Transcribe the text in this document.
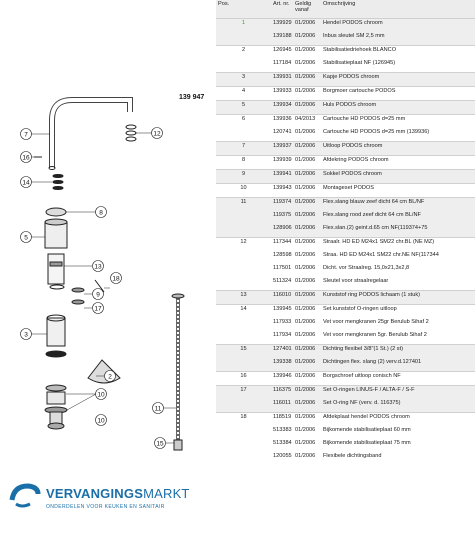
7	12
16
14
8
5
13
18
9
17
3
2
10
11
15
10
139 947
VERVANGINGSMARKT
ONDERDELEN VOOR KEUKEN EN SANITAIR
Pos.	Art. nr.	Geldig vanaf	Omschrijving
1	139929	01/2006	Hendel PODOS chroom
	139188	01/2006	Inbus sleutel SM 2,5 mm
2	126945	01/2006	Stabilisatiedriehoek BLANCO
	117184	01/2006	Stabilisatieplaat NF (126945)
3	139931	01/2006	Kapje PODOS chroom
4	139933	01/2006	Borgmoer cartouche PODOS
5	139934	01/2006	Huls PODOS chroom
6	139936	04/2013	Cartouche HD PODOS d=25 mm
	120741	01/2006	Cartouche HD PODOS d=25 mm (139936)
7	139937	01/2006	Uitloop PODOS chroom
8	139939	01/2006	Afdekring PODOS chroom
9	139941	01/2006	Sokkel PODOS chroom
10	139943	01/2006	Montageset PODOS
11	119374	01/2006	Flex.slang blauw zeef dicht 64 cm BL/NF
	119375	01/2006	Flex.slang rood zeef dicht 64 cm BL/NF
	128906	01/2006	Flex.slan.(2) geint.d.65 cm NF(119374+75
12	117344	01/2006	Straalr. HD ED M24x1 SM22 chr.BL (NE MZ)
	128598	01/2006	Straa. HD ED M24x1 SM22 chr.NE NF(117344
	117501	01/2006	Dicht. vor Straalreg. 15,0x21,3x2,8
	511324	01/2006	Sleutel voor straalregelaar
13	116010	01/2006	Kunststof ring PODOS lichaam (1 stuk)
14	139945	01/2006	Set kunststof O-ringen uitloop
	117933	01/2006	Vet voor mengkranen 25gr Berulub Sihaf 2
	117934	01/2006	Vet voor mengkranen 5gr. Berulub Sihaf 2
15	127401	01/2006	Dichting flexibel 3/8"(1 St.) (2 st)
	139338	01/2006	Dichtingen flex. slang (2) verv.d.127401
16	139946	01/2006	Borgschroef uitloop conisch NF
17	116375	01/2006	Set O-ringen LINUS-F / ALTA-F / S-F
	116011	01/2006	Set O-ring NF (verv. d. 116375)
18	118519	01/2006	Afdekplaat hendel PODOS chroom
	513383	01/2006	Bijkomende stabilisatieplaat 60 mm
	513384	01/2006	Bijkomende stabilisatieplaat 75 mm
	120055	01/2006	Flexibele dichtingsband
